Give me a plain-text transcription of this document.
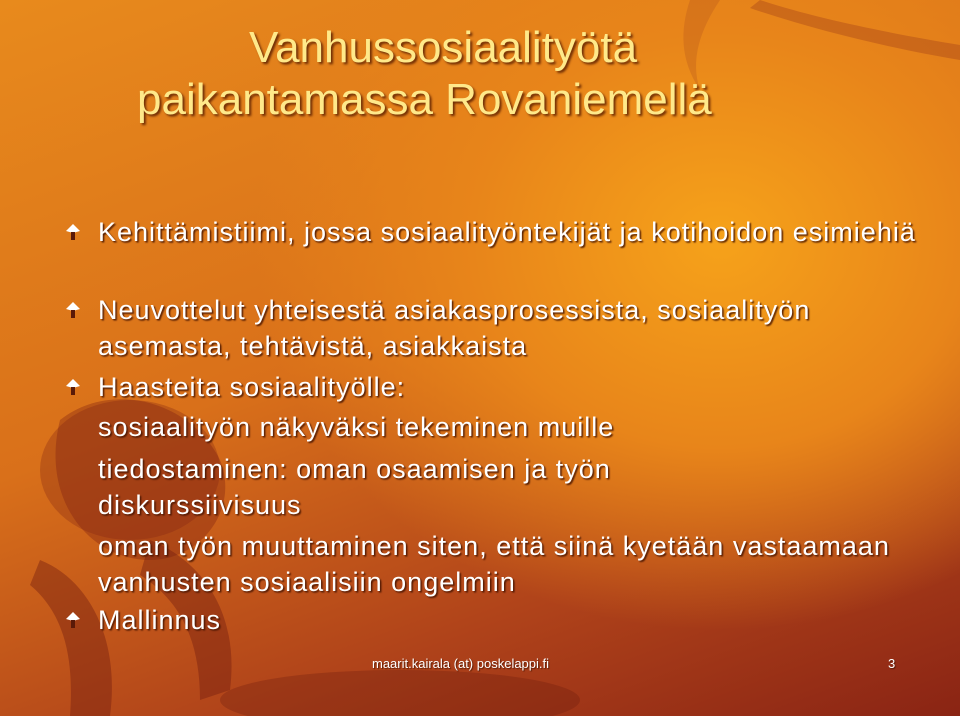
Vanhussosiaalityötä
paikantamassa Rovaniemellä
Kehittämistiimi, jossa sosiaalityöntekijät ja kotihoidon esimiehiä
Neuvottelut yhteisestä asiakasprosessista, sosiaalityön asemasta, tehtävistä, asiakkaista
Haasteita sosiaalityölle:
sosiaalityön näkyväksi tekeminen muille
tiedostaminen: oman osaamisen ja työn diskurssiivisuus
oman työn muuttaminen siten, että siinä kyetään vastaamaan vanhusten sosiaalisiin ongelmiin
Mallinnus
maarit.kairala (at) poskelappi.fi	3
